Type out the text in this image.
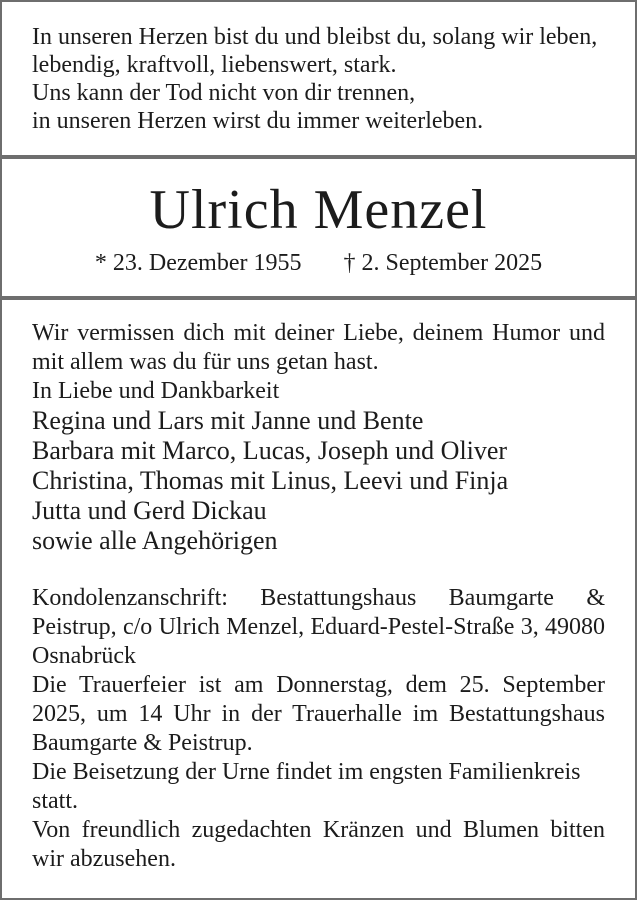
In unseren Herzen bist du und bleibst du, solang wir leben,
lebendig, kraftvoll, liebenswert, stark.
Uns kann der Tod nicht von dir trennen,
in unseren Herzen wirst du immer weiterleben.
Ulrich Menzel
* 23. Dezember 1955 † 2. September 2025

Wir vermissen dich mit deiner Liebe, deinem Humor und mit allem was du für uns getan hast.

In Liebe und Dankbarkeit

Regina und Lars mit Janne und Bente
Barbara mit Marco, Lucas, Joseph und Oliver
Christina, Thomas mit Linus, Leevi und Finja
Jutta und Gerd Dickau
sowie alle Angehörigen

Kondolenzanschrift: Bestattungshaus Baumgarte & Peistrup, c/o Ulrich Menzel, Eduard-Pestel-Straße 3, 49080 Osnabrück

Die Trauerfeier ist am Donnerstag, dem 25. September 2025, um 14 Uhr in der Trauerhalle im Bestattungshaus Baumgarte & Peistrup.

Die Beisetzung der Urne findet im engsten Familienkreis statt.

Von freundlich zugedachten Kränzen und Blumen bitten wir abzusehen.
